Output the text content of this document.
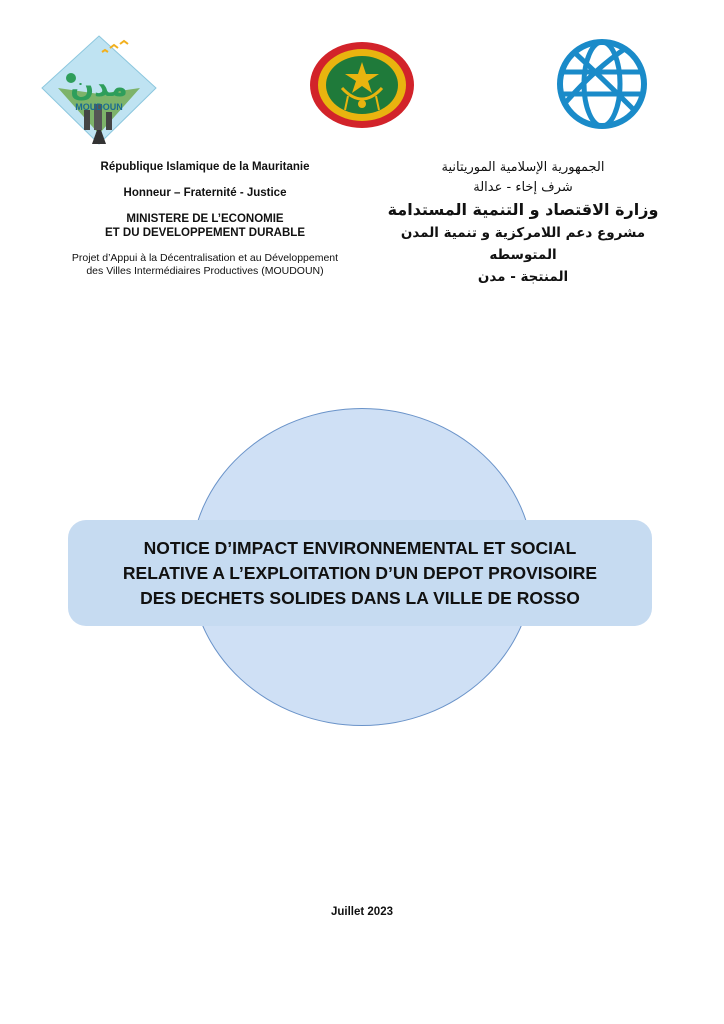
مدن
MOUDOUN
République Islamique de la Mauritanie
Honneur – Fraternité - Justice
MINISTERE DE L’ECONOMIE
ET DU DEVELOPPEMENT DURABLE
Projet d’Appui à la Décentralisation et au Développement
des Villes Intermédiaires Productives (MOUDOUN)
الجمهورية الإسلامية الموريتانية
شرف إخاء - عدالة
وزارة الاقتصاد و التنمية المستدامة
مشروع دعم اللامركزية و تنمية المدن المتوسطه
المنتجة - مدن
NOTICE D’IMPACT ENVIRONNEMENTAL ET SOCIAL
RELATIVE A L’EXPLOITATION D’UN DEPOT PROVISOIRE
DES DECHETS SOLIDES DANS LA VILLE DE ROSSO
Juillet 2023
